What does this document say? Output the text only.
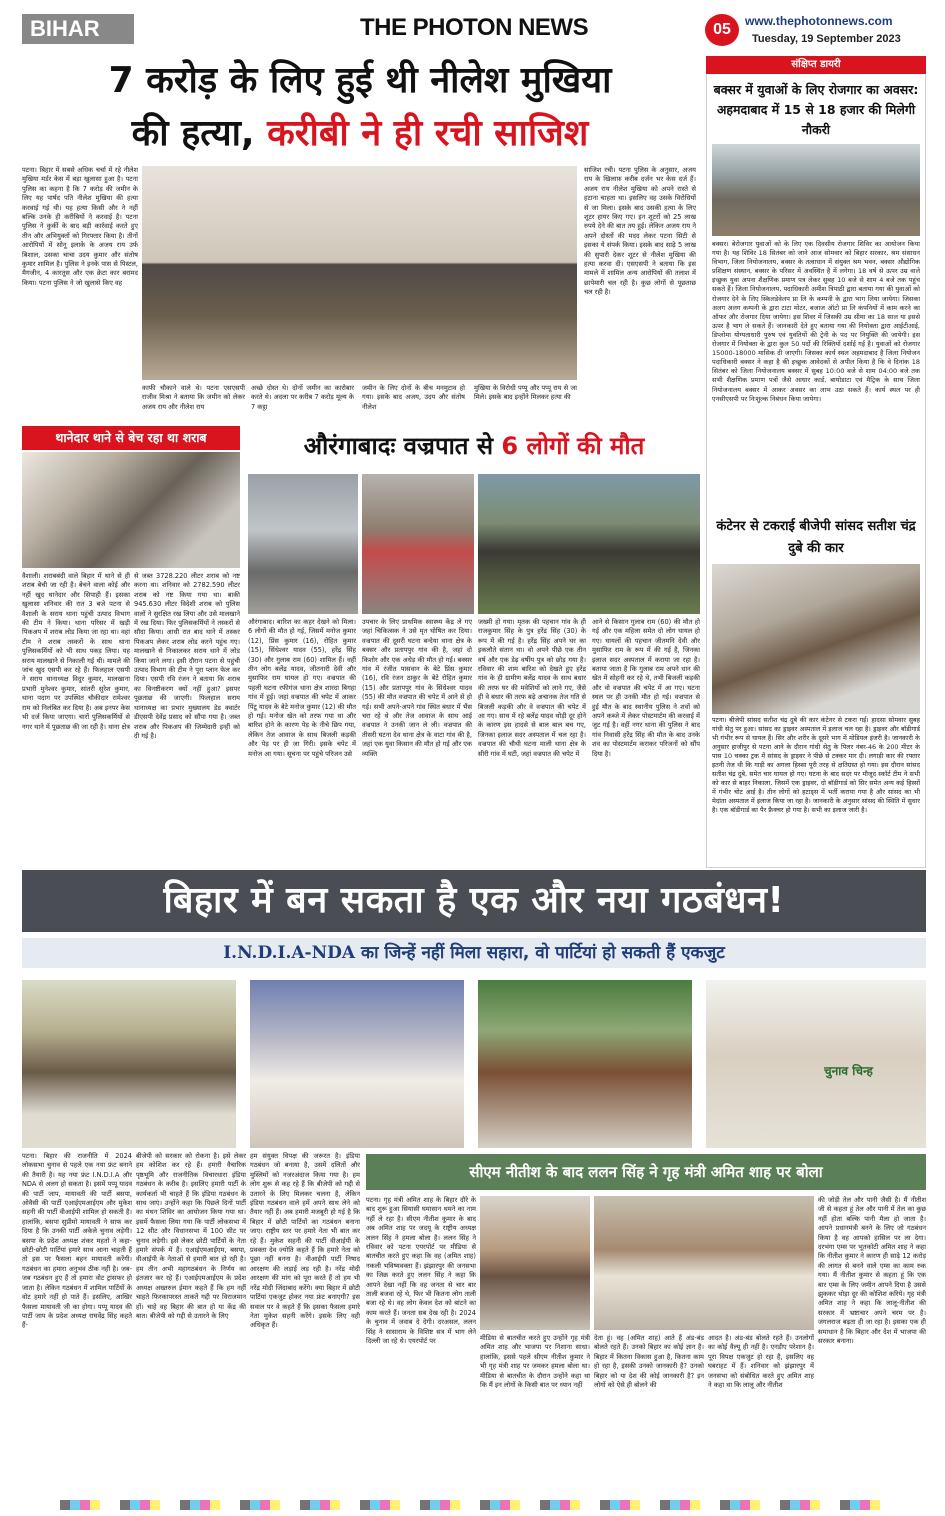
BIHAR	THE PHOTON NEWS	05	www.thephotonnews.com
Tuesday, 19 September 2023
7 करोड़ के लिए हुई थी नीलेश मुखिया
की हत्या, करीबी ने ही रची साजिश
पटना। बिहार में सबसे अधिक चर्चा में रहे नीलेश मुखिया मर्डर केस में बड़ा खुलासा हुआ है। पटना पुलिस का कहना है कि 7 करोड़ की जमीन के लिए यह पार्षद पति नीलेश मुखिया की हत्या करवाई गई थी। यह हत्या किसी और ने नहीं बल्कि उनके ही करीबियों ने करवाई है। पटना पुलिस ने कुर्की के बाद बड़ी कार्रवाई करते हुए तीन और अभियुक्तों को गिरफ्तार किया है। तीनों आरोपियों में सोनू इलाके के अजय राय उर्फ बिशाल, उसका चाचा उदय कुमार और संतोष कुमार शामिल है। पुलिस ने इनके पास से पिस्टल, मैगजीन, 4 कारतूस और एक क्रेटा कार बरामद किया। पटना पुलिस ने जो खुलासे किए वह
काफी चौकाने वाले थे। पटना एसएसपी राजीव मिश्रा ने बताया कि जमीन को लेकर अजय राय और नीलेश राय
अच्छे दोस्त थे। दोनों जमीन का कारोबार करते थे। अदला पर करीब 7 करोड़ मूल्य के 7 कट्ठा
जमीन के लिए दोनों के बीच मनमुटाव हो गया। इसके बाद अजय, उदय और संतोष नीलेश
मुखिया के विरोधी पप्पू और पप्पू राय से जा मिले। इसके बाद इन्होंने मिलकर हत्या की
साजिश रची। पटना पुलिस के अनुसार, अजय राय के खिलाफ़ करीब दर्जन भर केस दर्ज हैं। अजय राय नीलेश मुखिया को अपने रास्ते से हटाना चाहता था। इसलिए वह उसके विरोधियों से जा मिला। इसके बाद उसकी हत्या के लिए शूटर हायर किए गए। इन शूटरों को 25 लाख रुपये देने की बात तय हुई। लेकिन अजय राय ने अपने दोस्तों की मदद लेकर पटना सिटी से इसका ये संपर्क किया। इसके बाद साढ़े 5 लाख की सुपारी देकर शूटर से नीलेश मुखिया की हत्या करवा दी। एसएसपी ने बताया कि इस मामले में शामिल अन्य आरोपियों की तलाश में छापेमारी चल रही है। कुछ लोगों से पूछताछ चल रही है।
संक्षिप्त डायरी
बक्सर में युवाओं के लिए रोजगार का अवसर: अहमदाबाद में 15 से 18 हजार की मिलेगी नौकरी
बक्सर। बेरोजगार युवाओं को के लिए एक दिवसीय रोजगार शिविर का आयोजन किया गया है। यह शिविर 18 सितंबर को जाने आज सोमवार को बिहार सरकार, श्रम संसाधन विभाग, जिला नियोजनालय, बक्सर के तत्वाधान में संयुक्त श्रम भवन, बक्सर औद्योगिक प्रशिक्षण संस्थान, बक्सर के परिसर में अवस्थित है में लगेगा। 18 वर्ष से ऊपर उम्र वाले इच्छुक युवा अपना शैक्षणिक प्रमाण पत्र लेकर सुबह 10 बजे से शाम 4 बजे तक पहुंच सकते हैं। जिला नियोजनालय, पदाधिकारी अमीश त्रिपाठी द्वारा बताया गया की युवाओं को रोजगार देने के लिए स्किलडेवेलप प्रा लि के कम्पनी के द्वारा भाग लिया जायेगा। जिसका अलग अलग कम्पनी के द्वारा टाटा मोटर, बजाज ऑटो प्रा लि कंपनियों में काम करने का ऑफर और रोजगार दिया जायेगा। इस शिवर में जिसकी उम्र सीमा का 18 साल या इससे ऊपर है भाग ले सकते हैं। जानकारी देते हुए बताया गया की नियोक्ता द्वारा आईटीआई, डिप्लोमा योग्यताधारी पुरुष एवं युवतियों की ट्रेनी के पद पर नियुक्ति की जायेगी। इस रोजगार में नियोक्ता के द्वारा कुल 50 पदों की रिक्तियों दर्शाई गई है। युवाओं को रोजगार 15000-18000 मासिक दी जाएगी। जिसका कार्य स्थल अहमदाबाद है जिला नियोजन पदाधिकारी बक्सर ने कहा है की इच्छुक आवेदकों से अपील किया है कि वे दिनांक 18 सितंबर को जिला नियोजनालय बक्सर में सुबह 10:00 बजे से शाम 04:00 बजे तक सभी शैक्षणिक प्रमाण पत्रों जैसे आधार कार्ड, बायोडाटा एवं मैट्रिक के साथ जिला नियोजनालय बक्सर में आकर अवसर का लाभ उठा सकते हैं। कार्य स्थल पर ही एनसीएसपी पर निःशुल्क निबंधन किया जायेगा।
कंटेनर से टकराई बीजेपी सांसद सतीश चंद्र दुबे की कार
पटना। बीजेपी सांसद सतीश चंद्र दुबे की कार कंटेनर से टकरा गई। हादसा सोमवार सुबह गांधी सेतु पर हुआ। सांसद का ड्राइवर अस्पताल में इलाज चल रहा है। ड्राइवर और बॉडीगार्ड भी गंभीर रूप से घायल हैं। सिर और शरीर के दूसरे भाग में मोडियल इंजरी है। जानकारी के अनुसार हाजीपुर से पटना आने के दौरान गांधी सेतु के पिलर नंबर-46 के 200 मीटर के पास 10 चक्का ट्रक में सांसद के ड्राइवर ने पीछे से टक्कर मार दी। लगाड़ी कार की रफ्तार इतनी तेज थी कि गाड़ी का अगला हिस्सा पूरी तरह से क्षतिग्रस्त हो गया। इस दौरान सांसद सतीश चंद्र दुबे, समेत चार घायल हो गए। घटना के बाद सदर पर मौजूद स्कॉर्ट टीम ने सभी को कार से बाहर निकाला, जिसमें एक ड्राइवर, दो बॉडीगार्ड को सिर समेत अन्य कई हिस्सों में गंभीर चोट आई है। तीन लोगों को हटाड्स में भर्ती कराया गया है और सांसद का भी मेदांता अस्पताल में इलाज किया जा रहा है। जानकारी के अनुसार सांसद की स्थिति में सुधार है। एक बॉडीगार्ड का पैर फ्रैक्चर हो गया है। सभी का इलाज जारी है।
थानेदार थाने से बेच रहा था शराब
वैशाली। शराबबंदी वाले बिहार में थाने से ही शराब बेची जा रही है। बेचने वाला कोई और नहीं खुद थानेदार और सिपाही हैं। इसका खुलासा शनिवार की रात 3 बजे पटना से वैशाली के सराय थाना पहुंची उत्पाद विभाग की टीम ने किया। थाना परिसर में खड़ी पिकअप में शराब लोड किया जा रहा था। वहां टीम ने शराब तस्करों के साथ थाना पुलिसकर्मियों को भी साथ पकड़ लिया। यह सराय मालखाने से निकाली गई थी। मामले की जांच खुद एसपी कर रहे हैं। फिलहाल एसपी ने सराय थानाध्यक्ष विदुर कुमार, मालखाना प्रभारी मुनेश्वर कुमार, सांतरी सुरेश कुमार, थाना पदाग पर उपस्थित चौकीदार रामेश्वर राम को निलंबित कर दिया है। अब इनपर केस भी दर्ज किया जाएगा। चारों पुलिसकर्मियों से नगर थाने में पूछताछ की जा रही है। थाना क्षेत्र
से जब्त 3728.220 लीटर शराब को नष्ट करना था। शनिवार को 2782.590 लीटर शराब को नष्ट किया गया था। बाकी 945.630 लीटर विदेशी शराब को पुलिस वालों ने सुरक्षित रख लिया और उसे मालखाने में रख दिया। फिर पुलिसकर्मियों ने तस्करों से सौदा किया। आधी रात बाद थाने में तस्कर पिकअप लेकर शराब लोड करने पहुंच गए। मालखाने से निकालकर सराय थाने में लोड किया जाने लगा। इसी दौरान पटना से पहुंची उत्पाद विभाग की टीम ने पूरा प्लान फेल कर दिया। एसपी रवि रंजन ने बताया कि शराब का विनष्टीकरण क्यों नहीं हुआ? इसपर पूछताछ की जाएगी। फिलहाल सराय थानाध्यक्ष का प्रभार मुख्यालय डेड क्वार्टर डीएसपी देवेंद्र प्रसाद को सौंपा गया है। जब्त शराब और पिकअप की जिम्मेदारी इन्हीं को दी गई है।
औरंगाबादः वज्रपात से 6 लोगों की मौत
औरंगाबाद। बारिश का कहर देखने को मिला। 6 लोगों की मौत हो गई, जिसमें मनोज कुमार (12), प्रिंस कुमार (16), रोहित कुमार (15), सिंधेश्वर यादव (55), हरेंद्र सिंह (30) और गुलाब राम (60) शामिल हैं। वहीं तीन लोग बलेंद्र यादव, जीतनारी देवी और मुसाफिर राम घायल हो गए। वज्रपात की पहली घटना रफीगंज थाना क्षेत्र शारदा बिगहा गांव में हुई। जहां वज्रपात की चपेट में आकर पिंटू यादव के बेटे मनोज कुमार (12) की मौत हो गई। मनोज खेत को तरफ गया था और बारिश होने के कारण पेड़ के नीचे छिप गया, लेकिन तेज आवाज के साथ बिजली कड़की और पेड़ पर ही जा गिरी। इसके चपेट में मनोज आ गया। सूचना पर पहुंचे परिजन उसे
उपचार के लिए प्राथमिक स्वास्थ्य केंद्र ले गए जहां चिकित्सक ने उसे मृत घोषित कर दिया। वज्रपात की दूसरी घटना बन्देया थाना क्षेत्र के बक्सर और प्रतापपुर गांव की है, जहां दो किशोर और एक अधेड़ की मौत हो गई। बक्सर गांव में रंजीत पासवान के बेटे प्रिंस कुमार (16), रवि रंजन ठाकुर के बेटे रोहित कुमार (15) और प्रतापपुर गांव के सिंधेश्वर यादव (55) की मौत वज्रपात की चपेट में आने से हो गई। सभी अपने-अपने गांव स्थित बधार में भैंस चरा रहे थे और तेज आवाज के साथ आई वज्रपात ने उनकी जान ले ली। वज्रपात की तीसरी घटना देव थाना क्षेत्र के वाटा गांव की है, जहां एक युवा किसान की मौत हो गई और एक व्यक्ति
जख्मी हो गया। मृतक की पहचान गांव के ही राजकुमार सिंह के पुत्र हरेंद्र सिंह (30) के रूप में की गई है। हरेंद्र सिंह अपने घर का इकलौते संतान था। वो अपने पीछे एक तीन वर्ष और एक डेढ़ वर्षीय पुत्र को छोड़ गया है। रविवार की शाम बारिश को देखते हुए हरेंद्र गांव के ही ग्रामीण बलेंद्र यादव के साथ बधार की तरफ घर की मवेशियों को लाने गए, जैसे ही वे बधार की तरफ बढ़े अचानक तेज गति से बिजली कड़की और वे वज्रपात की चपेट में आ गए। साथ में रहे बलेंद्र यादव थोड़ी दूर होने के कारण इस हादसे से बाल बाल बच गए, जिनका इलाज सदर अस्पताल में चल रहा है। वज्रपात की चौथी घटना माली थाना क्षेत्र के सीरी गांव में घटी, जहां वज्रपात की चपेट में
आने से किसान गुलाब राम (60) की मौत हो गई और एक महिला समेत दो लोग घायल हो गए। घायलों की पहचान जीतमनि देवी और मुसाफिर राम के रूप में की गई है, जिनका इलाज सदर अस्पताल में कराया जा रहा है। बताया जाता है कि गुलाब राम अपने धान की खेत में सोहनी कर रहे थे, तभी बिजली कड़की और वो वज्रपात की चपेट में आ गए। घटना स्थल पर ही उनकी मौत हो गई। वज्रपात से हुई मौत के बाद स्थानीय पुलिस ने शवों को अपने कब्जे में लेकर पोस्टमार्टम की करवाई में जुट गई है। वहीं नगर थाना की पुलिस ने बाद गांव निवासी हरेंद्र सिंह की मौत के बाद उनके शव का पोस्टमार्टम कराकर परिजनों को सौंप दिया है।
बिहार में बन सकता है एक और नया गठबंधन!
I.N.D.I.A-NDA का जिन्हें नहीं मिला सहारा, वो पार्टियां हो सकती हैं एकजुट
चुनाव चिन्ह
पटना। बिहार की राजनीति में 2024 लोकसभा चुनाव से पहले एक नया फ्रंट बनाने की तैयारी है। यह नया फ्रंट I.N.D.I.A और NDA से अलग हो सकता है। इसमें पप्पू यादव की पार्टी जाप, मायावती की पार्टी बसपा, ओवैसी की पार्टी एआईएमआईएम और मुकेश सहनी की पार्टी वीआईपी शामिल हो सकती है। हालांकि, बसपा सुप्रीमो मायावती ने साफ कर दिया है कि उनकी पार्टी अकेले चुनाव लड़ेगी। बसपा के प्रदेश अध्यक्ष शंकर महतो ने कहा- छोटी-छोटी पार्टियां हमारे साथ आना चाहती हैं तो इस पर फैसला बहन मायावती करेंगी। गठबंधन का हमारा अनुभव ठीक नहीं है। जब-जब गठबंधन हुए हैं तो हमारा वोट ट्रांसफर हो जाता है। लेकिन गठबंधन में शामिल पार्टियों के वोट हमारे नहीं हो पाते हैं। इसलिए, आखिर फैसला मायावती जी का होगा। पप्पू यादव की पार्टी जाप के प्रदेश अध्यक्ष राघवेंद्र सिंह कहते हैं-
बीजेपी को सरकार को रोकना है। इसे लेकर हम कोशिश कर रहे हैं। हमारी वैचारिक पृष्ठभूमि और राजनीतिक विचारधारा इंडिया गठबंधन के करीब है। इसलिए हमारी पार्टी के कार्यकर्ता भी चाहते हैं कि इंडिया गठबंधन के साथ जाएं। उन्होंने कहा कि पिछले दिनों पार्टी का मंथन शिविर का आयोजन किया गया था। इसमें फैसला लिया गया कि पार्टी लोकसभा में 12 सीट और विधानसभा में 100 सीट पर चुनाव लड़ेगी। इसे लेकर छोटी पार्टियों के नेता हमारे संपर्क में हैं। एआईएमआईएम, बसपा, वीआईपी के नेताओं से हमारी बात हो रही है। हम तीन अभी महागठबंधन के निर्णय का इंतजार कर रहे हैं। एआईएमआईएम के प्रदेश अध्यक्ष अख्तरुल ईमान कहते हैं कि हम नहीं चाहते फिरकापरस्त ताकतें गद्दी पर विराजमान हों। चाहे वह बिहार की बात हो या केंद्र की बात। बीजेपी को गद्दी से उतारने के लिए
हम संयुक्त विपक्ष की जरूरत है। इंडिया गठबंधन जो बनाया है, उसमें दलितों और मुस्लिमों को नजरअंदाज किया गया है। हम लोग शुरू से कह रहे हैं कि बीजेपी को गद्दी से उतारने के लिए मिलकर चलना है, लेकिन इंडिया गठबंधन वाले हमें अपने साथ लेने को तैयार नहीं हैं। अब हमारी मजबूरी हो गई है कि बिहार में छोटी पार्टियों का गठबंधन बनाना जाए। राष्ट्रीय स्तर पर हमारे नेता भी बात कर रहे हैं। मुकेश सहनी की पार्टी वीआईपी के प्रवक्ता देव ज्योति कहते हैं कि हमारे नेता को पूछा नहीं बनना है। वीआईपी पार्टी निषाद आरक्षण की लड़ाई लड़ रही है। नरेंद्र मोदी आरक्षण की मांग को पूरा करते हैं तो हम भी नरेंद्र मोदी जिंदाबाद करेंगे। क्या बिहार में छोटी पार्टियां एकजुट होकर नया फ्रंट बनाएगी? इस सवाल पर वे कहते हैं कि इसका फैसला हमारे नेता मुकेश सहनी करेंगे। इसके लिए वही अधिकृत हैं।
सीएम नीतीश के बाद ललन सिंह ने गृह मंत्री अमित शाह पर बोला
पटना। गृह मंत्री अमित शाह के बिहार दौरे के बाद शुरू हुआ सियासी घमासान थमने का नाम नहीं ले रहा है। सीएम नीतीश कुमार के बाद अब अमित शाह पर जदयू के राष्ट्रीय अध्यक्ष ललन सिंह ने हमला बोला है। ललन सिंह ने रविवार को पटना एयरपोर्ट पर मीडिया से बातचीत करते हुए कहा कि वह (अमित शाह) नकली भविष्यवक्ता हैं। झंझारपुर की जनसभा का जिक्र करते हुए ललन सिंह ने कहा कि आपने देखा नहीं कि वह जनता से चार बार ताली बजवा रहे थे, फिर भी कितना लोग ताली बजा रहे थे। वह लोग केवल देश को बांटने का काम करते हैं। जनता सब देख रही है। 2024 के चुनाव में जवाब दे देगी। दरअसल, ललन सिंह ने सासाराम के विशिष्ट सत्र में भाग लेने दिल्ली जा रहे थे। एयरपोर्ट पर	मीडिया से बातचीत करते हुए उन्होंने गृह मंत्री अमित शाह और भाजपा पर निशाना साधा। हालांकि, इससे पहले सीएम नीतीश कुमार ने भी गृह मंत्री शाह पर जमकर हमला बोला था। मीडिया से बातचीत के दौरान उन्होंने कहा था कि मैं इन लोगों के किसी बात पर ध्यान नहीं
देता हूं। वह (अमित शाह) आते हैं अंड-बंड बोलते रहते हैं। उनको बिहार का कोई ज्ञान है। बिहार में कितना विकास हुआ है, कितना काम हो रहा है, इसकी उनको जानकारी है? उनको बिहार को या देश की कोई जानकारी है? इन लोगों को ऐसे ही बोलने की
आदत है। अंड-बंड बोलते रहते हैं। उनलोगों का कोई वैल्यू ही नहीं है। एनडीए परेशान है। पूरा विपक्ष एकजुट हो रहा है, इसलिए वह घबराहट में हैं। शनिवार को झंझारपुर में जनसभा को संबोधित करते हुए अमित शाह ने कहा था कि लालू और नीतीश
की जोड़ी तेल और पानी जैसी है। मैं नीतीश जी से कहता हूं तेल और पानी में तेल का कुछ नहीं होता बल्कि पानी मैला हो जाता है। आपने प्रधानमंत्री बनने के लिए जो गठबंधन किया है वह आपको हासिल पर ला देगा। दरभंगा एम्स पर भूतकोटी अमित शाह ने कहा कि नीतीश कुमार ने कारण ही साढ़े 12 करोड़ की लागत से बनने वाले एम्स का काम रुक गया। मैं नीतीश कुमार से कहता हूं कि एक बार एम्स के लिए जमीन आपने दिया है उससे झुककर थोड़ा दूर की कोशिश करिये। गृह मंत्री अमित शाह ने कहा कि लालू-नीतीश की सरकार में भ्रष्टाचार अपने चरम पर है। जंगलराज बढ़ता ही जा रहा है। इसका एक ही समाधान है कि बिहार और देश में भाजपा की सरकार बनाना।
